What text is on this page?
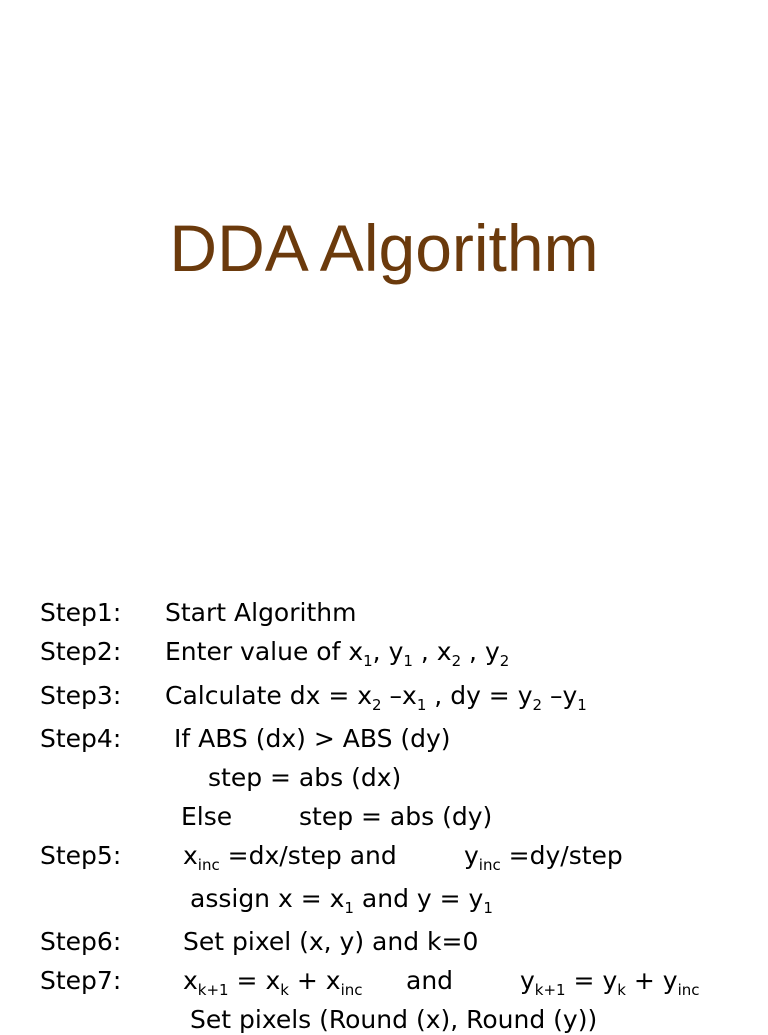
DDA Algorithm
Step1: Start Algorithm
Step2: Enter value of $x_1$, $y_1$ , $x_2$ , $y_2$
Step3: Calculate dx = $x_2$ $-x_1$ , dy = $y_2$ $-y_1$
Step4: If ABS (dx) > ABS (dy)
step = abs (dx)
Else	step = abs (dy)
Step5: $x_{inc}$ =dx/step and	$y_{inc}$ =dy/step
assign $x = x_1$ and $y = y_1$
Step6: Set pixel (x, y) and k=0
Step7: $x_{k+1} = x_k + x_{inc}$ and	$y_{k+1} = y_k + y_{inc}$
Set pixels (Round (x), Round (y))
